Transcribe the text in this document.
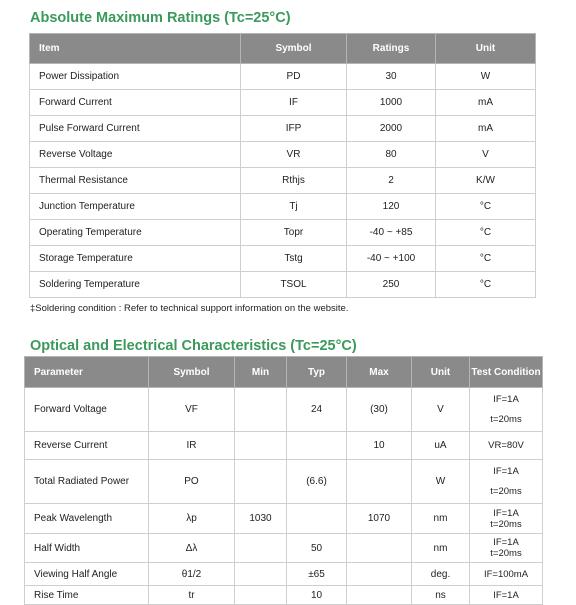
Absolute Maximum Ratings (Tc=25°C)
Item	Symbol	Ratings	Unit
Power Dissipation	PD	30	W
Forward Current	IF	1000	mA
Pulse Forward Current	IFP	2000	mA
Reverse Voltage	VR	80	V
Thermal Resistance	Rthjs	2	K/W
Junction Temperature	Tj	120	°C
Operating Temperature	Topr	-40 ~ +85	°C
Storage Temperature	Tstg	-40 ~ +100	°C
Soldering Temperature	TSOL	250	°C
‡Soldering condition : Refer to technical support information on the website.
Optical and Electrical Characteristics (Tc=25°C)
Parameter	Symbol	Min	Typ	Max	Unit	Test Condition
Forward Voltage	VF		24	(30)	V	IF=1A
t=20ms

Reverse Current	IR			10	uA	VR=80V

Total Radiated Power	PO		(6.6)		W	IF=1A
t=20ms

Peak Wavelength	λp	1030		1070	nm	IF=1A
t=20ms

Half Width	Δλ		50		nm	IF=1A
t=20ms

Viewing Half Angle	θ1/2		±65		deg.	IF=100mA

Rise Time	tr		10		ns	IF=1A
